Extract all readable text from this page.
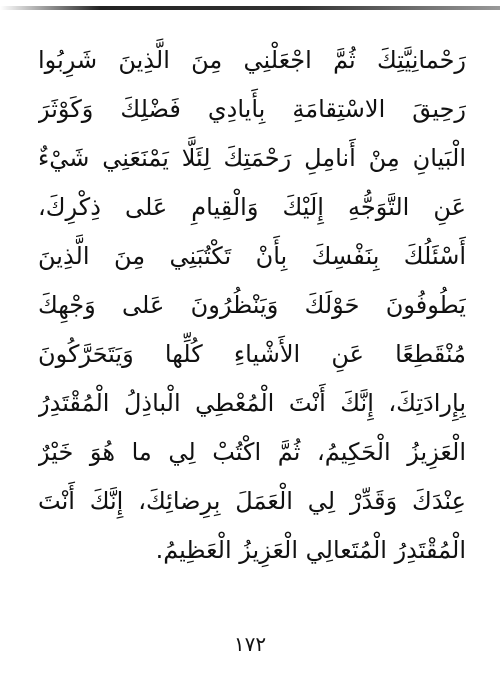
رَحْمانِيَّتِكَ ثُمَّ اجْعَلْنِي مِنَ الَّذِينَ شَرِبُوا
رَحِيقَ الاسْتِقامَةِ بِأَيادِي فَضْلِكَ وَكَوْثَرَ
الْبَيانِ مِنْ أَنامِلِ رَحْمَتِكَ لِئَلَّا يَمْنَعَنِي شَيْءٌ
عَنِ التَّوَجُّهِ إِلَيْكَ وَالْقِيامِ عَلى ذِكْرِكَ،
أَسْئَلُكَ بِنَفْسِكَ بِأَنْ تَكْتُبَنِي مِنَ الَّذِينَ
يَطُوفُونَ حَوْلَكَ وَيَنْظُرُونَ عَلى وَجْهِكَ
مُنْقَطِعًا عَنِ الأَشْياءِ كُلِّها وَيَتَحَرَّكُونَ
بِإِرادَتِكَ، إِنَّكَ أَنْتَ الْمُعْطِي الْباذِلُ الْمُقْتَدِرُ
الْعَزِيزُ الْحَكِيمُ، ثُمَّ اكْتُبْ لِي ما هُوَ خَيْرٌ
عِنْدَكَ وَقَدِّرْ لِي الْعَمَلَ بِرِضائِكَ، إِنَّكَ أَنْتَ
الْمُقْتَدِرُ الْمُتَعالِي الْعَزِيزُ الْعَظِيمُ.
١٧٢
